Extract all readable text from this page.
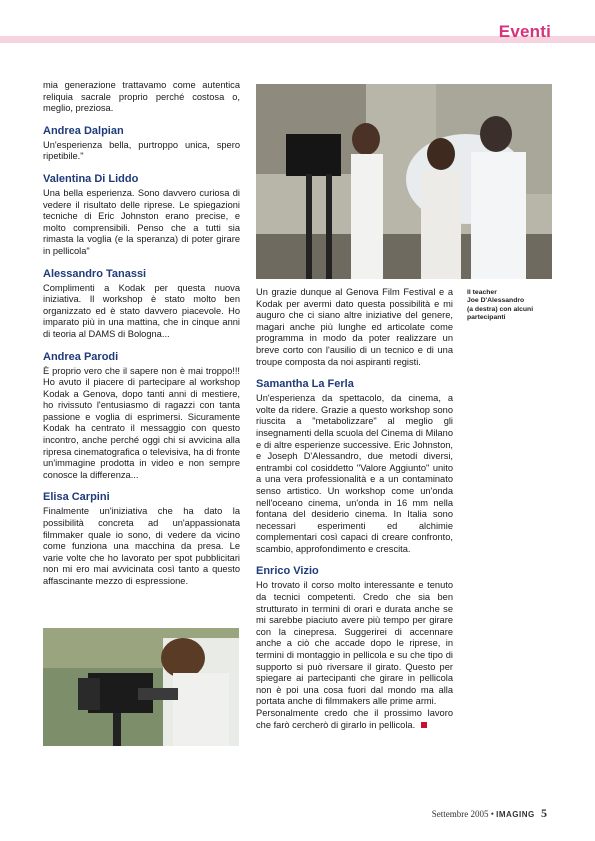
Eventi

mia generazione trattavamo come autentica reliquia sacrale proprio perché costosa o, meglio, preziosa.

Andrea Dalpian

Un'esperienza bella, purtroppo unica, spero ripetibile."

Valentina Di Liddo

Una bella esperienza. Sono davvero curiosa di vedere il risultato delle riprese. Le spiegazioni tecniche di Eric Johnston erano precise, e molto comprensibili. Penso che a tutti sia rimasta la voglia (e la speranza) di poter girare in pellicola"

Alessandro Tanassi

Complimenti a Kodak per questa nuova iniziativa. Il workshop è stato molto ben organizzato ed è stato davvero piacevole. Ho imparato più in una mattina, che in cinque anni di teoria al DAMS di Bologna...

Andrea Parodi

È proprio vero che il sapere non è mai troppo!!! Ho avuto il piacere di partecipare al workshop Kodak a Genova, dopo tanti anni di mestiere, ho rivissuto l'entusiasmo di ragazzi con tanta passione e voglia di esprimersi. Sicuramente Kodak ha centrato il messaggio con questo incontro, anche perché oggi chi si avvicina alla ripresa cinematografica o televisiva, ha di fronte un'immagine prodotta in video e non sempre conosce la differenza...

Elisa Carpini

Finalmente un'iniziativa che ha dato la possibilità concreta ad un'appassionata filmmaker quale io sono, di vedere da vicino come funziona una macchina da presa. Le varie volte che ho lavorato per spot pubblicitari non mi ero mai avvicinata così tanto a questo affascinante mezzo di espressione.

Il teacher
Joe D'Alessandro
(a destra) con alcuni
partecipanti

Un grazie dunque al Genova Film Festival e a Kodak per avermi dato questa possibilità e mi auguro che ci siano altre iniziative del genere, magari anche più lunghe ed articolate come programma in modo da poter realizzare un breve corto con l'ausilio di un tecnico e di una troupe composta da noi aspiranti registi.

Samantha La Ferla

Un'esperienza da spettacolo, da cinema, a volte da ridere. Grazie a questo workshop sono riuscita a "metabolizzare" al meglio gli insegnamenti della scuola del Cinema di Milano e di altre esperienze successive. Eric Johnston, e Joseph D'Alessandro, due metodi diversi, entrambi col cosiddetto "Valore Aggiunto" unito a una vera professionalità e a un contaminato senso artistico. Un workshop come un'onda nell'oceano cinema, un'onda in 16 mm nella fontana del desiderio cinema. In Italia sono necessari esperimenti ed alchimie complementari così capaci di creare confronto, scambio, approfondimento e crescita.

Enrico Vizio

Ho trovato il corso molto interessante e tenuto da tecnici competenti. Credo che sia ben strutturato in termini di orari e durata anche se mi sarebbe piaciuto avere più tempo per girare con la cinepresa. Suggerirei di accennare anche a ciò che accade dopo le riprese, in termini di montaggio in pellicola e su che tipo di supporto si può riversare il girato. Questo per spiegare ai partecipanti che girare in pellicola non è poi una cosa fuori dal mondo ma alla portata anche di filmmakers alle prime armi.

Personalmente credo che il prossimo lavoro che farò cercherò di girarlo in pellicola.

Settembre 2005 • IMAGING 5
